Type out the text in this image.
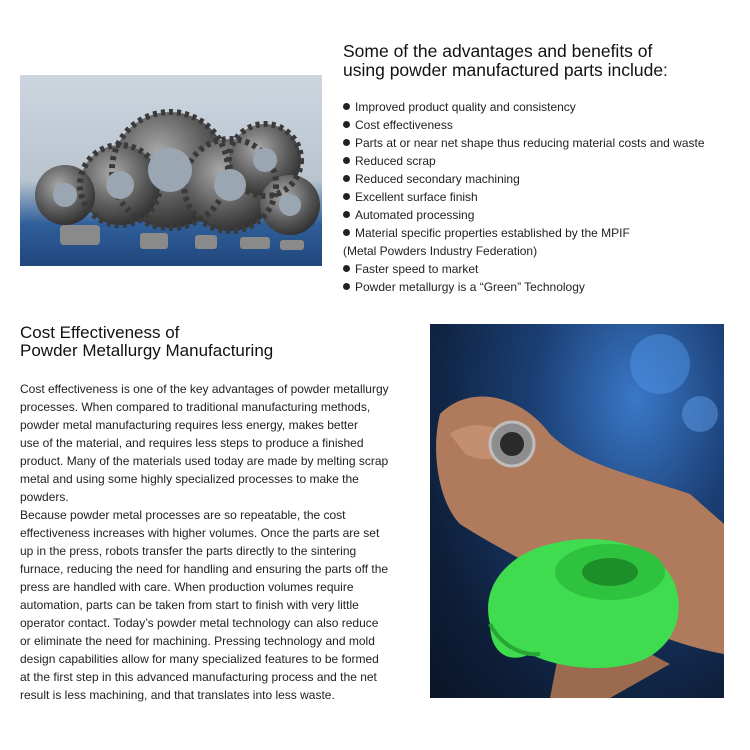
Some of the advantages and benefits of
using powder manufactured parts include:
Improved product quality and consistency
Cost effectiveness
Parts at or near net shape thus reducing material costs and waste
Reduced scrap
Reduced secondary machining
Excellent surface finish
Automated processing
Material specific properties established by the MPIF
(Metal Powders Industry Federation)
Faster speed to market
Powder metallurgy is a “Green” Technology
Cost Effectiveness of
Powder Metallurgy Manufacturing
Cost effectiveness is one of the key advantages of powder metallurgy
processes. When compared to traditional manufacturing methods,
powder metal manufacturing requires less energy, makes better
use of the material, and requires less steps to produce a finished
product. Many of the materials used today are made by melting scrap
metal and using some highly specialized processes to make the
powders.
Because powder metal processes are so repeatable, the cost
effectiveness increases with higher volumes. Once the parts are set
up in the press, robots transfer the parts directly to the sintering
furnace, reducing the need for handling and ensuring the parts off the
press are handled with care. When production volumes require
automation, parts can be taken from start to finish with very little
operator contact. Today’s powder metal technology can also reduce
or eliminate the need for machining. Pressing technology and mold
design capabilities allow for many specialized features to be formed
at the first step in this advanced manufacturing process and the net
result is less machining, and that translates into less waste.
